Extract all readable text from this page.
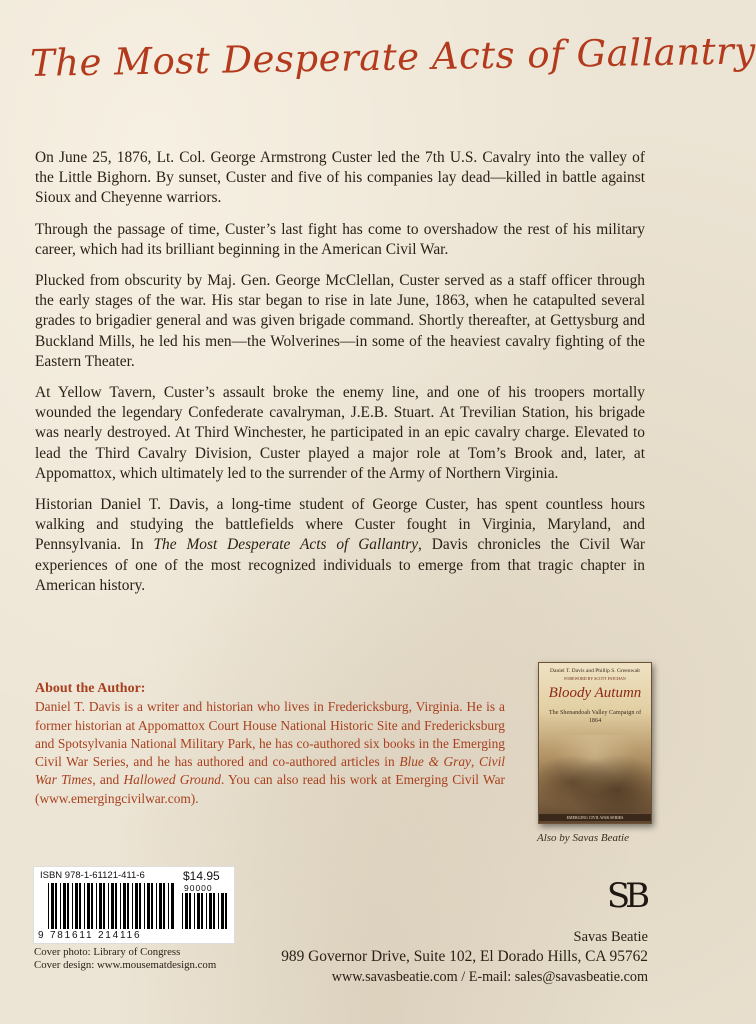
The Most Desperate Acts of Gallantry

On June 25, 1876, Lt. Col. George Armstrong Custer led the 7th U.S. Cavalry into the valley of the Little Bighorn. By sunset, Custer and five of his companies lay dead—killed in battle against Sioux and Cheyenne warriors.

Through the passage of time, Custer’s last fight has come to overshadow the rest of his military career, which had its brilliant beginning in the American Civil War.

Plucked from obscurity by Maj. Gen. George McClellan, Custer served as a staff officer through the early stages of the war. His star began to rise in late June, 1863, when he catapulted several grades to brigadier general and was given brigade command. Shortly thereafter, at Gettysburg and Buckland Mills, he led his men—the Wolverines—in some of the heaviest cavalry fighting of the Eastern Theater.

At Yellow Tavern, Custer’s assault broke the enemy line, and one of his troopers mortally wounded the legendary Confederate cavalryman, J.E.B. Stuart. At Trevilian Station, his brigade was nearly destroyed. At Third Winchester, he participated in an epic cavalry charge. Elevated to lead the Third Cavalry Division, Custer played a major role at Tom’s Brook and, later, at Appomattox, which ultimately led to the surrender of the Army of Northern Virginia.

Historian Daniel T. Davis, a long-time student of George Custer, has spent countless hours walking and studying the battlefields where Custer fought in Virginia, Maryland, and Pennsylvania. In The Most Desperate Acts of Gallantry, Davis chronicles the Civil War experiences of one of the most recognized individuals to emerge from that tragic chapter in American history.

About the Author:
Daniel T. Davis is a writer and historian who lives in Fredericksburg, Virginia. He is a former historian at Appomattox Court House National Historic Site and Fredericksburg and Spotsylvania National Military Park, he has co-authored six books in the Emerging Civil War Series, and he has authored and co-authored articles in Blue & Gray, Civil War Times, and Hallowed Ground. You can also read his work at Emerging Civil War (www.emergingcivilwar.com).
Daniel T. Davis and Phillip S. Greenwalt
FOREWORD BY SCOTT PATCHAN
Bloody Autumn
The Shenandoah Valley Campaign of 1864
EMERGING CIVIL WAR SERIES
Also by Savas Beatie
ISBN 978-1-61121-411-6	$14.95
90000
9 781611 214116
Cover photo: Library of Congress
Cover design: www.mousematdesign.com
SB
Savas Beatie
989 Governor Drive, Suite 102, El Dorado Hills, CA 95762
www.savasbeatie.com / E-mail: sales@savasbeatie.com
